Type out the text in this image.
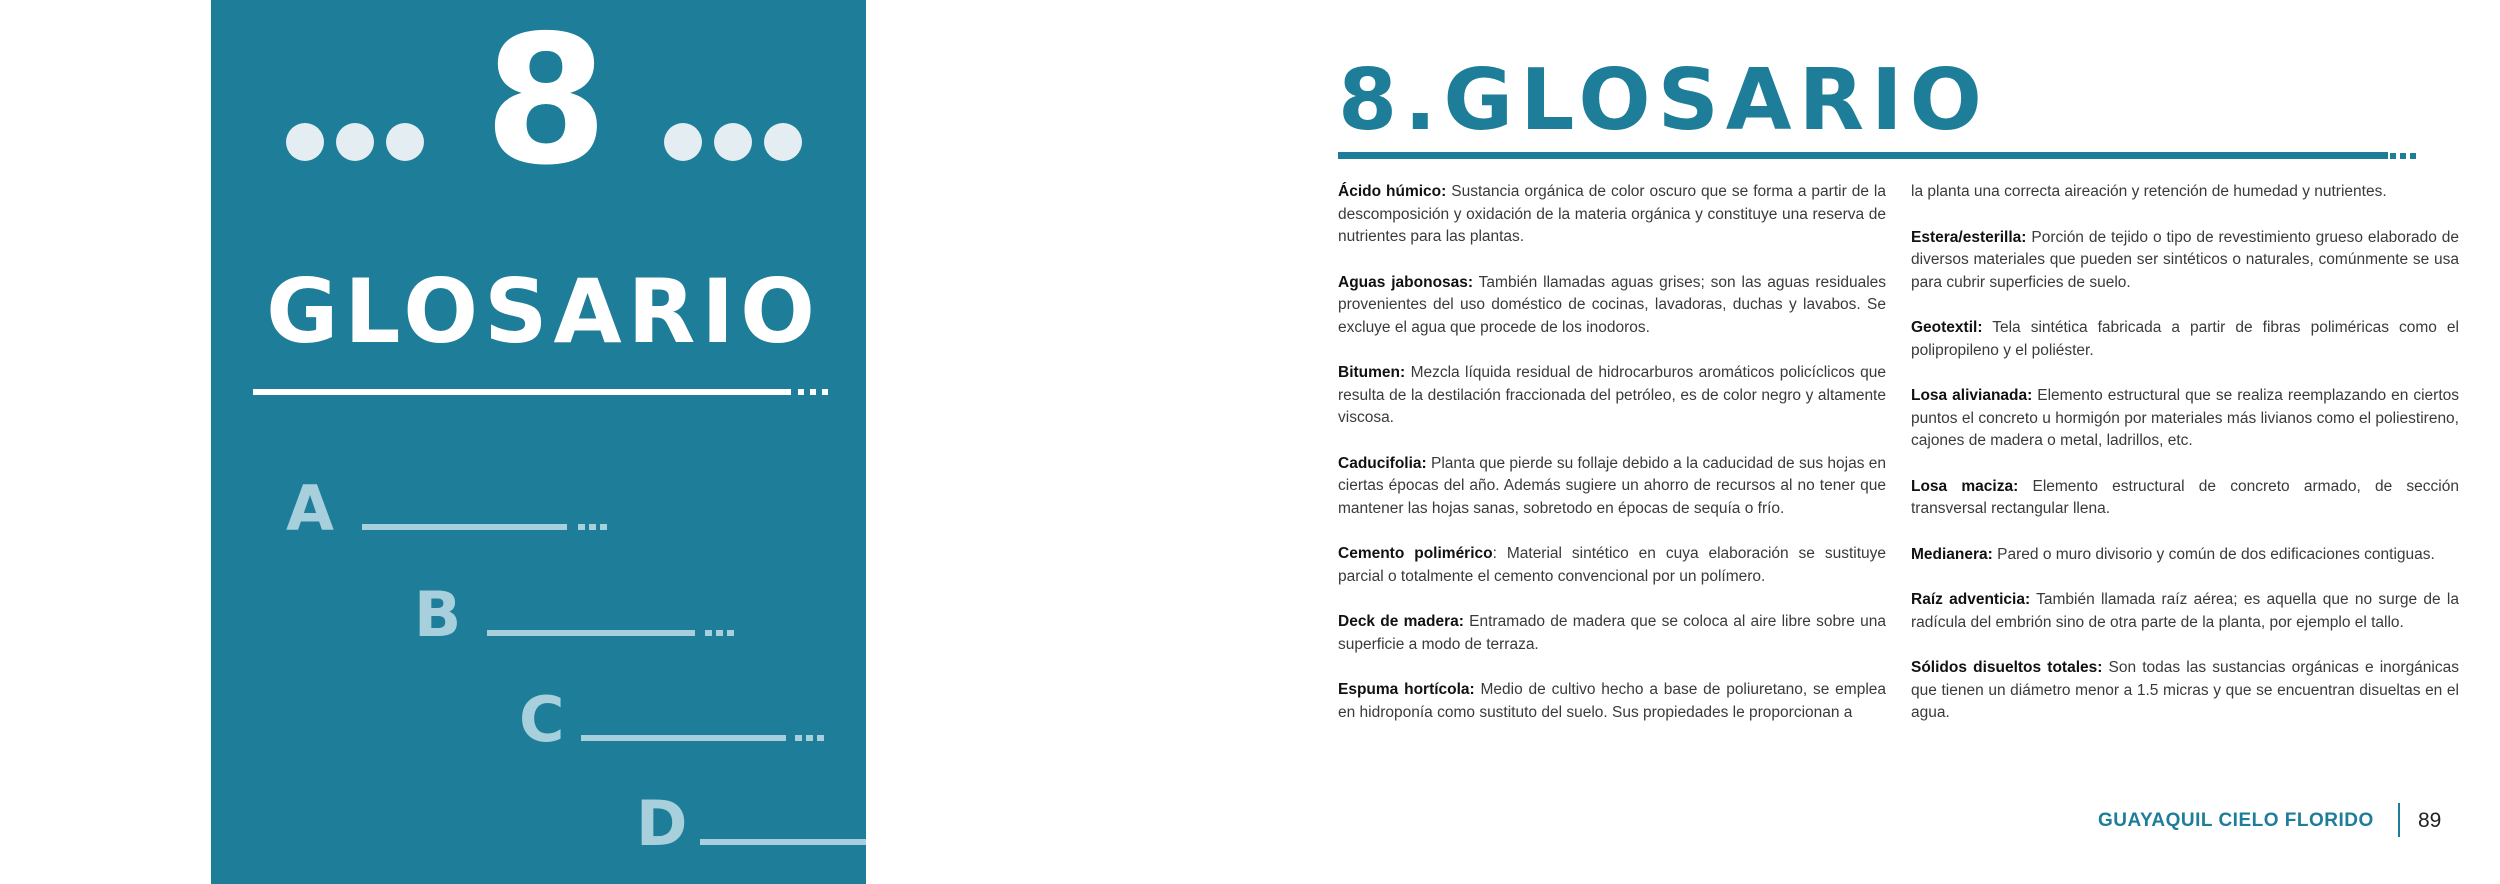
8
GLOSARIO
A
B
C
D
8.GLOSARIO

Ácido húmico: Sustancia orgánica de color oscuro que se forma a partir de la descomposición y oxidación de la materia orgánica y constituye una reserva de nutrientes para las plantas.

Aguas jabonosas: También llamadas aguas grises; son las aguas residuales provenientes del uso doméstico de cocinas, lavadoras, duchas y lavabos. Se excluye el agua que procede de los inodoros.

Bitumen: Mezcla líquida residual de hidrocarburos aromáticos policíclicos que resulta de la destilación fraccionada del petróleo, es de color negro y altamente viscosa.

Caducifolia: Planta que pierde su follaje debido a la caducidad de sus hojas en ciertas épocas del año. Además sugiere un ahorro de recursos al no tener que mantener las hojas sanas, sobretodo en épocas de sequía o frío.

Cemento polimérico: Material sintético en cuya elaboración se sustituye parcial o totalmente el cemento convencional por un polímero.

Deck de madera: Entramado de madera que se coloca al aire libre sobre una superficie a modo de terraza.

Espuma hortícola: Medio de cultivo hecho a base de poliuretano, se emplea en hidroponía como sustituto del suelo. Sus propiedades le proporcionan a

la planta una correcta aireación y retención de humedad y nutrientes.

Estera/esterilla: Porción de tejido o tipo de revestimiento grueso elaborado de diversos materiales que pueden ser sintéticos o naturales, comúnmente se usa para cubrir superficies de suelo.

Geotextil: Tela sintética fabricada a partir de fibras poliméricas como el polipropileno y el poliéster.

Losa alivianada: Elemento estructural que se realiza reemplazando en ciertos puntos el concreto u hormigón por materiales más livianos como el poliestireno, cajones de madera o metal, ladrillos, etc.

Losa maciza: Elemento estructural de concreto armado, de sección transversal rectangular llena.

Medianera: Pared o muro divisorio y común de dos edificaciones contiguas.

Raíz adventicia: También llamada raíz aérea; es aquella que no surge de la radícula del embrión sino de otra parte de la planta, por ejemplo el tallo.

Sólidos disueltos totales: Son todas las sustancias orgánicas e inorgánicas que tienen un diámetro menor a 1.5 micras y que se encuentran disueltas en el agua.

GUAYAQUIL CIELO FLORIDO 89
